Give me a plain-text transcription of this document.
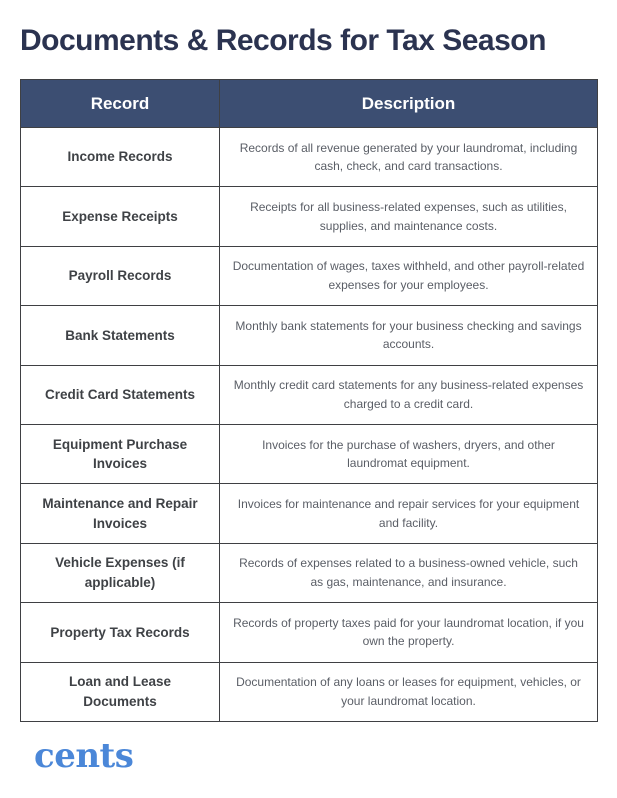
Documents & Records for Tax Season
Record	Description
Income Records	Records of all revenue generated by your laundromat, including cash, check, and card transactions.
Expense Receipts	Receipts for all business-related expenses, such as utilities, supplies, and maintenance costs.
Payroll Records	Documentation of wages, taxes withheld, and other payroll-related expenses for your employees.
Bank Statements	Monthly bank statements for your business checking and savings accounts.
Credit Card Statements	Monthly credit card statements for any business-related expenses charged to a credit card.
Equipment Purchase Invoices	Invoices for the purchase of washers, dryers, and other laundromat equipment.
Maintenance and Repair Invoices	Invoices for maintenance and repair services for your equipment and facility.
Vehicle Expenses (if applicable)	Records of expenses related to a business-owned vehicle, such as gas, maintenance, and insurance.
Property Tax Records	Records of property taxes paid for your laundromat location, if you own the property.
Loan and Lease Documents	Documentation of any loans or leases for equipment, vehicles, or your laundromat location.
cents
